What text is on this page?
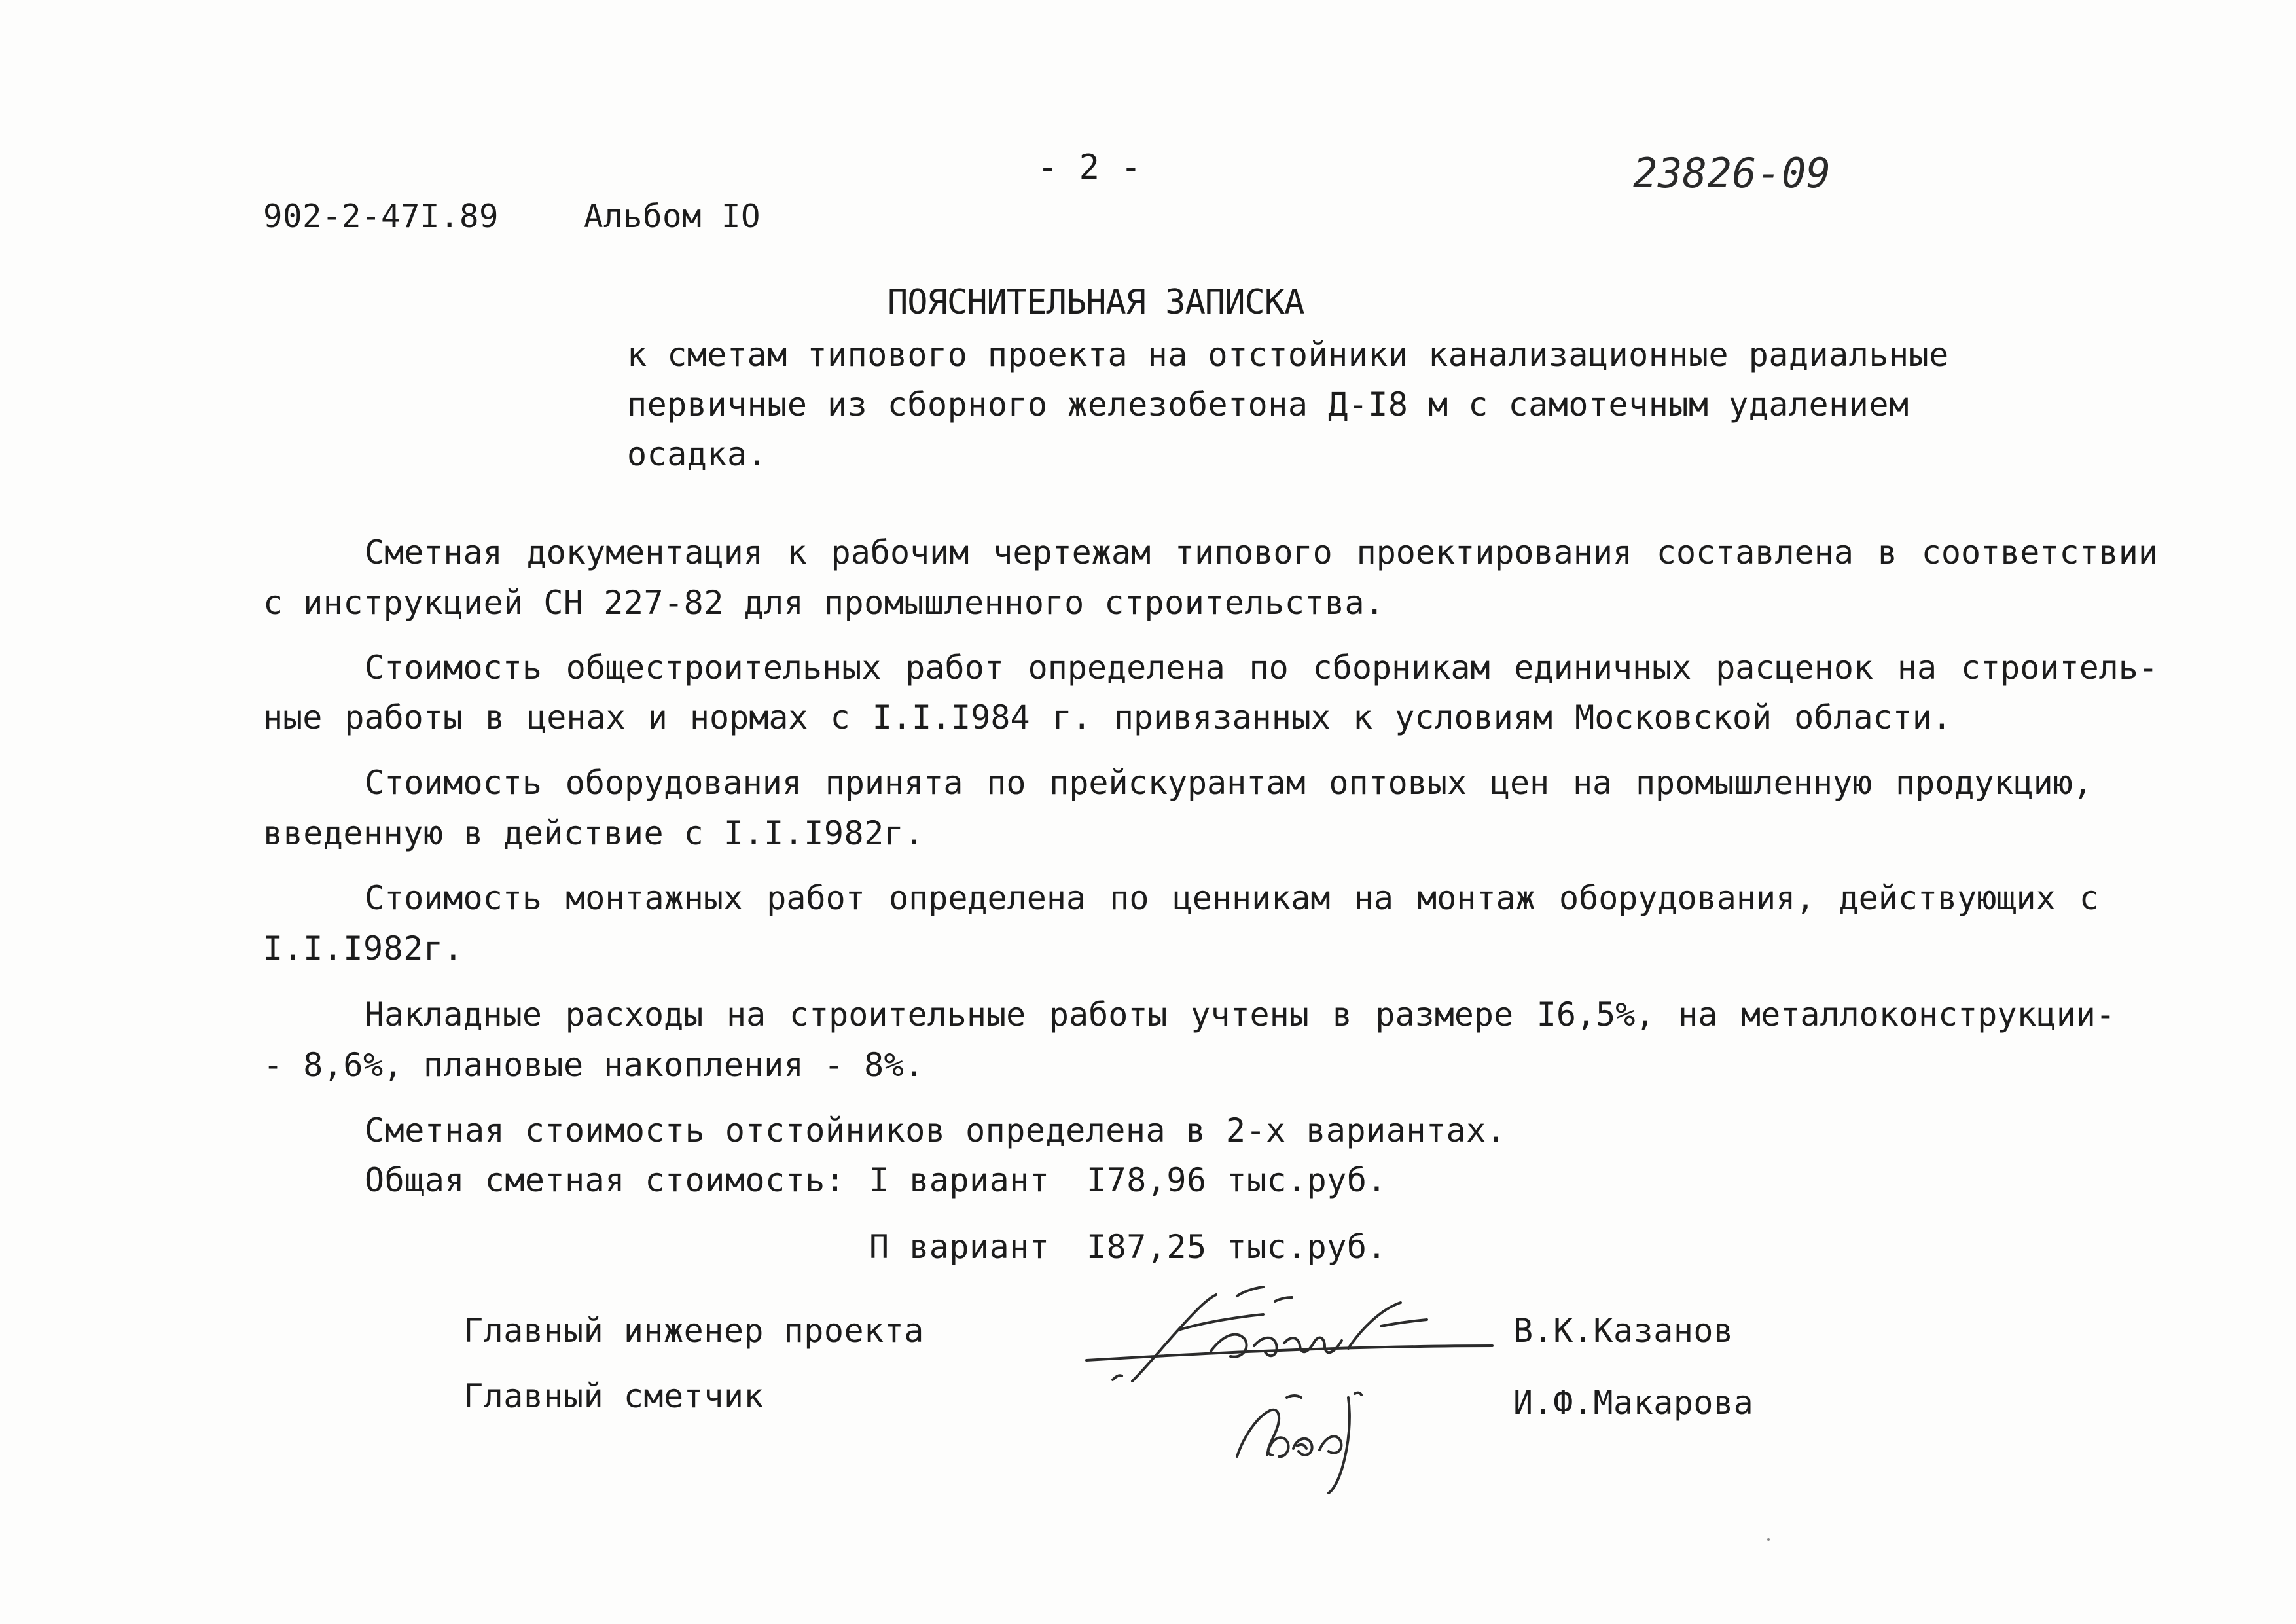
- 2 -	23826-09
902-2-47I.89	Альбом IO
ПОЯСНИТЕЛЬНАЯ ЗАПИСКА
к сметам типового проекта на отстойники канализационные радиальные
первичные из сборного железобетона Д-I8 м с самотечным удалением
осадка.
Сметная документация к рабочим чертежам типового проектирования составлена в соответствии
с инструкцией СН 227-82 для промышленного строительства.
Стоимость общестроительных работ определена по сборникам единичных расценок на строитель-
ные работы в ценах и нормах с I.I.I984 г. привязанных к условиям Московской области.
Стоимость оборудования принята по прейскурантам оптовых цен на промышленную продукцию,
введенную в действие с I.I.I982г.
Стоимость монтажных работ определена по ценникам на монтаж оборудования, действующих с
I.I.I982г.
Накладные расходы на строительные работы учтены в размере I6,5%, на металлоконструкции-
- 8,6%, плановые накопления - 8%.
Сметная стоимость отстойников определена в 2-х вариантах.
Общая сметная стоимость: I вариант I78,96 тыс.руб.
П вариант I87,25 тыс.руб.
Главный инженер проекта	В.К.Казанов
Главный сметчик	И.Ф.Макарова
